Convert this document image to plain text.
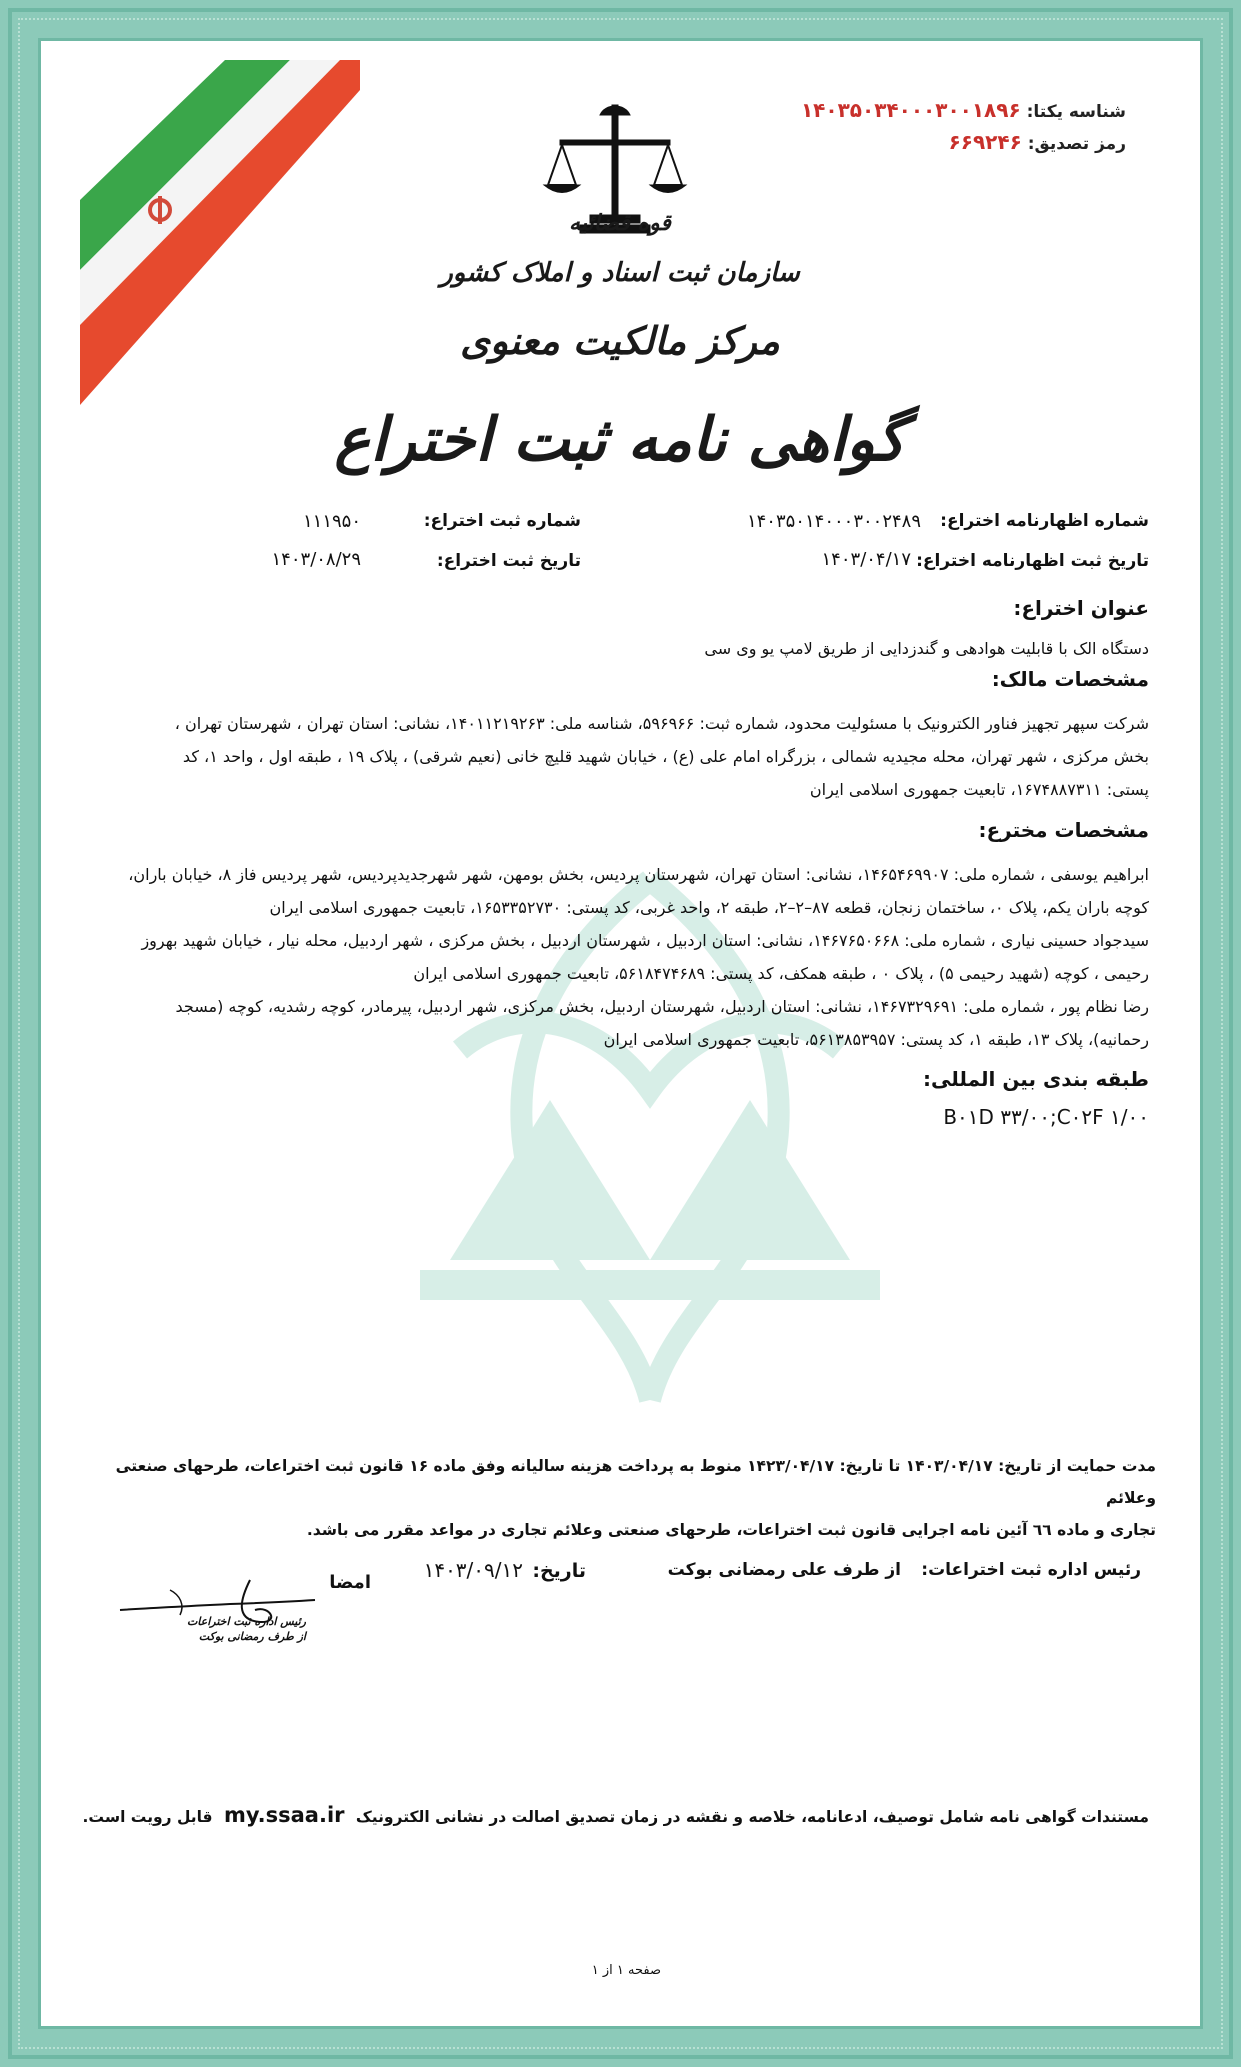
شناسه یکتا: ۱۴۰۳۵۰۳۴۰۰۰۳۰۰۱۸۹۶
رمز تصدیق: ۶۶۹۲۴۶
قوه قضائیه
سازمان ثبت اسناد و املاک کشور
مرکز مالکیت معنوی
گواهی نامه ثبت اختراع
شماره اظهارنامه اختراع:
۱۴۰۳۵۰۱۴۰۰۰۳۰۰۲۴۸۹
شماره ثبت اختراع:
۱۱۱۹۵۰
تاریخ ثبت اظهارنامه اختراع:
۱۴۰۳/۰۴/۱۷
تاریخ ثبت اختراع:
۱۴۰۳/۰۸/۲۹
عنوان اختراع:
دستگاه الک با قابلیت هوادهی و گندزدایی از طریق لامپ یو وی سی
مشخصات مالک:
شرکت سپهر تجهیز فناور الکترونیک با مسئولیت محدود، شماره ثبت: ۵۹۶۹۶۶، شناسه ملی: ۱۴۰۱۱۲۱۹۲۶۳، نشانی: استان تهران ، شهرستان تهران ،
بخش مرکزی ، شهر تهران، محله مجیدیه شمالی ، بزرگراه امام علی (ع) ، خیابان شهید قلیچ خانی (نعیم شرقی) ، پلاک ۱۹ ، طبقه اول ، واحد ۱، کد
پستی: ۱۶۷۴۸۸۷۳۱۱، تابعیت جمهوری اسلامی ایران
مشخصات مخترع:
ابراهیم یوسفی ، شماره ملی: ۱۴۶۵۴۶۹۹۰۷، نشانی: استان تهران، شهرستان پردیس، بخش بومهن، شهر شهرجدیدپردیس، شهر پردیس فاز ۸، خیابان باران،
کوچه باران یکم، پلاک ۰، ساختمان زنجان، قطعه ۸۷–۲–۲، طبقه ۲، واحد غربی، کد پستی: ۱۶۵۳۳۵۲۷۳۰، تابعیت جمهوری اسلامی ایران
سیدجواد حسینی نیاری ، شماره ملی: ۱۴۶۷۶۵۰۶۶۸، نشانی: استان اردبیل ، شهرستان اردبیل ، بخش مرکزی ، شهر اردبیل، محله نیار ، خیابان شهید بهروز
رحیمی ، کوچه (شهید رحیمی ۵) ، پلاک ۰ ، طبقه همکف، کد پستی: ۵۶۱۸۴۷۴۶۸۹، تابعیت جمهوری اسلامی ایران
رضا نظام پور ، شماره ملی: ۱۴۶۷۳۲۹۶۹۱، نشانی: استان اردبیل، شهرستان اردبیل، بخش مرکزی، شهر اردبیل، پیرمادر، کوچه رشدیه، کوچه (مسجد
رحمانیه)، پلاک ۱۳، طبقه ۱، کد پستی: ۵۶۱۳۸۵۳۹۵۷، تابعیت جمهوری اسلامی ایران
طبقه بندی بین المللی:
B۰۱D ۳۳/۰۰;C۰۲F ۱/۰۰
مدت حمایت از تاریخ: ۱۴۰۳/۰۴/۱۷ تا تاریخ: ۱۴۲۳/۰۴/۱۷ منوط به پرداخت هزینه سالیانه وفق ماده ۱۶ قانون ثبت اختراعات، طرحهای صنعتی وعلائم
تجاری و ماده ٦٦ آئین نامه اجرایی قانون ثبت اختراعات، طرحهای صنعتی وعلائم تجاری در مواعد مقرر می باشد.
رئیس اداره ثبت اختراعات:
از طرف علی رمضانی بوکت
تاریخ:
۱۴۰۳/۰۹/۱۲
امضا
رئیس اداره ثبت اختراعات
از طرف رمضانی بوکت
مستندات گواهی نامه شامل توصیف، ادعانامه، خلاصه و نقشه در زمان تصدیق اصالت در نشانی الکترونیک my.ssaa.ir قابل رویت است.
صفحه ۱ از ۱
